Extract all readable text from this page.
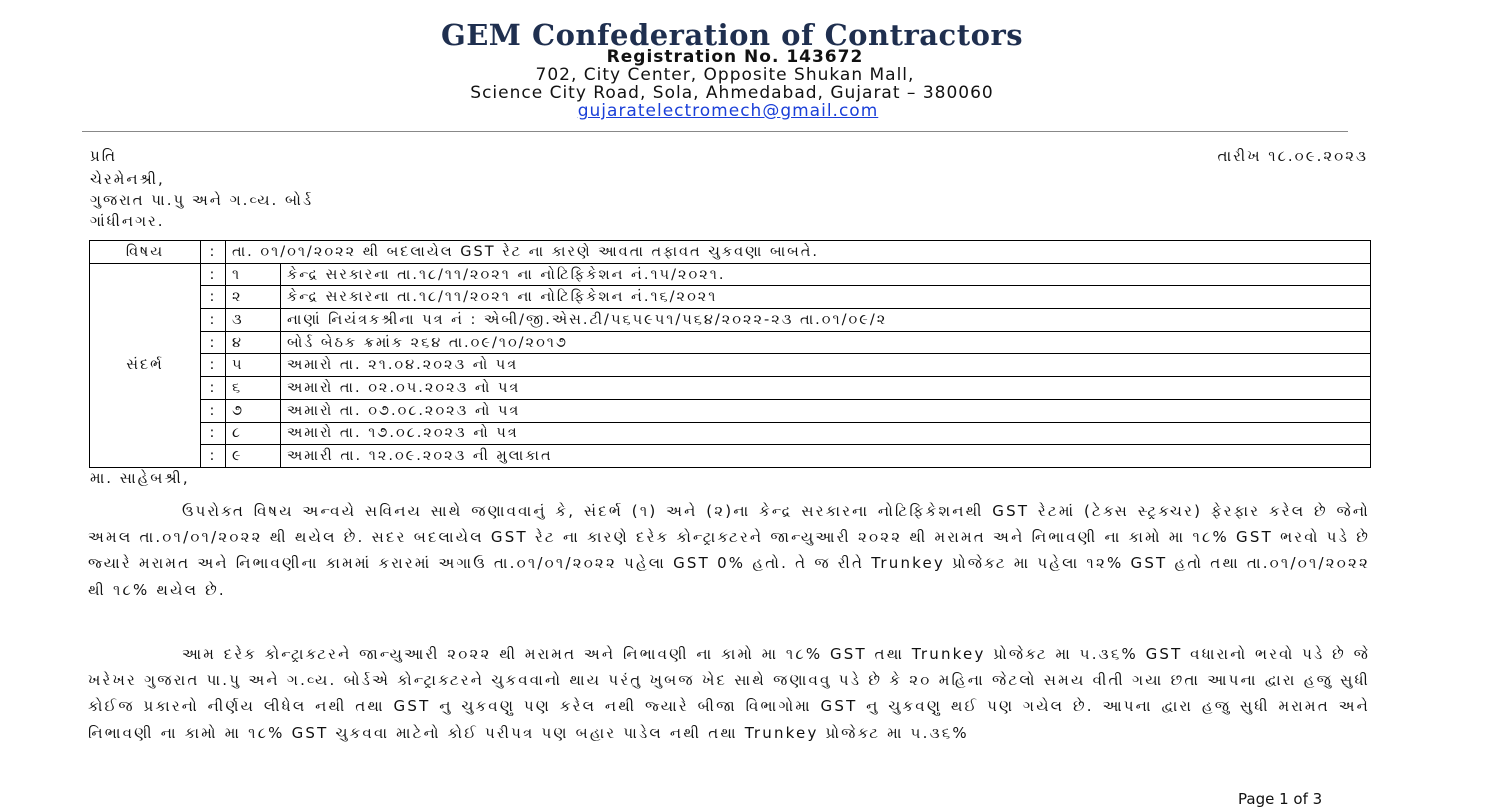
GEM Confederation of Contractors
Registration No. 143672
702, City Center, Opposite Shukan Mall,
Science City Road, Sola, Ahmedabad, Gujarat – 380060
gujaratelectromech@gmail.com
પ્રતિ	તારીખ ૧૮.૦૯.૨૦૨૩
ચેરમેનશ્રી,
ગુજરાત પા.પુ અને ગ.વ્ય. બોર્ડ
ગાંધીનગર.
વિષય	:	તા. ૦૧/૦૧/૨૦૨૨ થી બદલાયેલ GST રેટ ના કારણે આવતા તફાવત ચુકવણા બાબતે.	
સંદર્ભ	:	૧	કેન્દ્ર સરકારના તા.૧૮/૧૧/૨૦૨૧ ના નોટિફિકેશન નં.૧૫/૨૦૨૧.
	:	૨	કેન્દ્ર સરકારના તા.૧૮/૧૧/૨૦૨૧ ના નોટિફિકેશન નં.૧૬/૨૦૨૧
	:	૩	નાણાં નિયંત્રકશ્રીના પત્ર નં : એબી/જી.એસ.ટી/૫૬૫૯૫૧/૫૬૪/૨૦૨૨-૨૩ તા.૦૧/૦૯/૨
	:	૪	બોર્ડ બેઠક ક્રમાંક ૨૬૪ તા.૦૯/૧૦/૨૦૧૭
	:	૫	અમારો તા. ૨૧.૦૪.૨૦૨૩ નો પત્ર
	:	૬	અમારો તા. ૦૨.૦૫.૨૦૨૩ નો પત્ર
	:	૭	અમારો તા. ૦૭.૦૮.૨૦૨૩ નો પત્ર
	:	૮	અમારો તા. ૧૭.૦૮.૨૦૨૩ નો પત્ર
	:	૯	અમારી તા. ૧૨.૦૯.૨૦૨૩ ની મુલાકાત
મા. સાહેબશ્રી,

ઉપરોક્ત વિષય અન્વયે સવિનય સાથે જણાવવાનું કે, સંદર્ભ (૧) અને (૨)ના કેન્દ્ર સરકારના નોટિફિકેશનથી GST રેટમાં (ટેક્સ સ્ટ્રક્ચર) ફેરફાર કરેલ છે જેનો અમલ તા.૦૧/૦૧/૨૦૨૨ થી થયેલ છે. સદર બદલાયેલ GST રેટ ના કારણે દરેક કોન્ટ્રાક્ટરને જાન્યુઆરી ૨૦૨૨ થી મરામત અને નિભાવણી ના કામો મા ૧૮% GST ભરવો પડે છે જ્યારે મરામત અને નિભાવણીના કામમાં કરારમાં અગાઉ તા.૦૧/૦૧/૨૦૨૨ પહેલા GST 0% હતો. તે જ રીતે Trunkey પ્રોજેક્ટ મા પહેલા ૧૨% GST હતો તથા તા.૦૧/૦૧/૨૦૨૨ થી ૧૮% થયેલ છે.

આમ દરેક કોન્ટ્રાક્ટરને જાન્યુઆરી ૨૦૨૨ થી મરામત અને નિભાવણી ના કામો મા ૧૮% GST તથા Trunkey પ્રોજેક્ટ મા ૫.૩૬% GST વધારાનો ભરવો પડે છે જે ખરેખર ગુજરાત પા.પુ અને ગ.વ્ય. બોર્ડએ કોન્ટ્રાક્ટરને ચુકવવાનો થાય પરંતુ ખુબજ ખેદ સાથે જણાવવુ પડે છે કે ૨૦ મહિના જેટલો સમય વીતી ગયા છતા આપના દ્વારા હજુ સુધી કોઈજ પ્રકારનો નીર્ણય લીધેલ નથી તથા GST નુ ચુકવણુ પણ કરેલ નથી જ્યારે બીજા વિભાગોમા GST નુ ચુકવણુ થઈ પણ ગયેલ છે. આપના દ્વારા હજુ સુધી મરામત અને નિભાવણી ના કામો મા ૧૮% GST ચુકવવા માટેનો કોઈ પરીપત્ર પણ બહાર પાડેલ નથી તથા Trunkey પ્રોજેક્ટ મા ૫.૩૬%

Page 1 of 3
